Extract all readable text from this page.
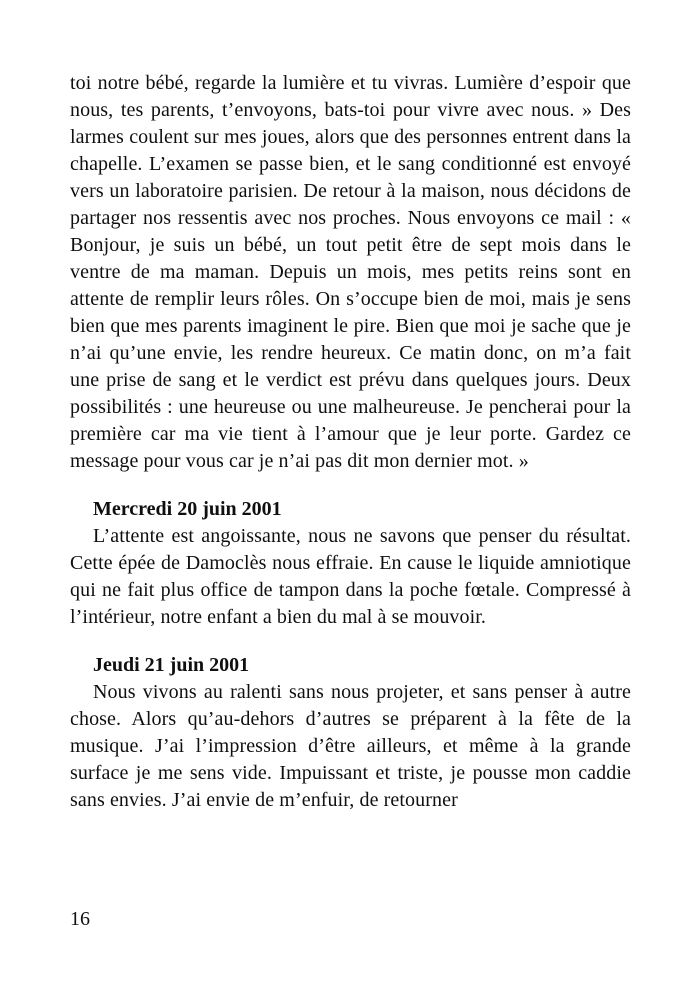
toi notre bébé, regarde la lumière et tu vivras. Lumière d’espoir que nous, tes parents, t’envoyons, bats-toi pour vivre avec nous. » Des larmes coulent sur mes joues, alors que des personnes entrent dans la chapelle. L’examen se passe bien, et le sang conditionné est envoyé vers un laboratoire parisien. De retour à la maison, nous décidons de partager nos ressentis avec nos proches. Nous envoyons ce mail : « Bonjour, je suis un bébé, un tout petit être de sept mois dans le ventre de ma maman. Depuis un mois, mes petits reins sont en attente de remplir leurs rôles. On s’occupe bien de moi, mais je sens bien que mes parents imaginent le pire. Bien que moi je sache que je n’ai qu’une envie, les rendre heureux. Ce matin donc, on m’a fait une prise de sang et le verdict est prévu dans quelques jours. Deux possibilités : une heureuse ou une malheureuse. Je pencherai pour la première car ma vie tient à l’amour que je leur porte. Gardez ce message pour vous car je n’ai pas dit mon dernier mot. »

Mercredi 20 juin 2001

L’attente est angoissante, nous ne savons que penser du résultat. Cette épée de Damoclès nous effraie. En cause le liquide amniotique qui ne fait plus office de tampon dans la poche fœtale. Compressé à l’intérieur, notre enfant a bien du mal à se mouvoir.

Jeudi 21 juin 2001

Nous vivons au ralenti sans nous projeter, et sans penser à autre chose. Alors qu’au-dehors d’autres se préparent à la fête de la musique. J’ai l’impression d’être ailleurs, et même à la grande surface je me sens vide. Impuissant et triste, je pousse mon caddie sans envies. J’ai envie de m’enfuir, de retourner

16
